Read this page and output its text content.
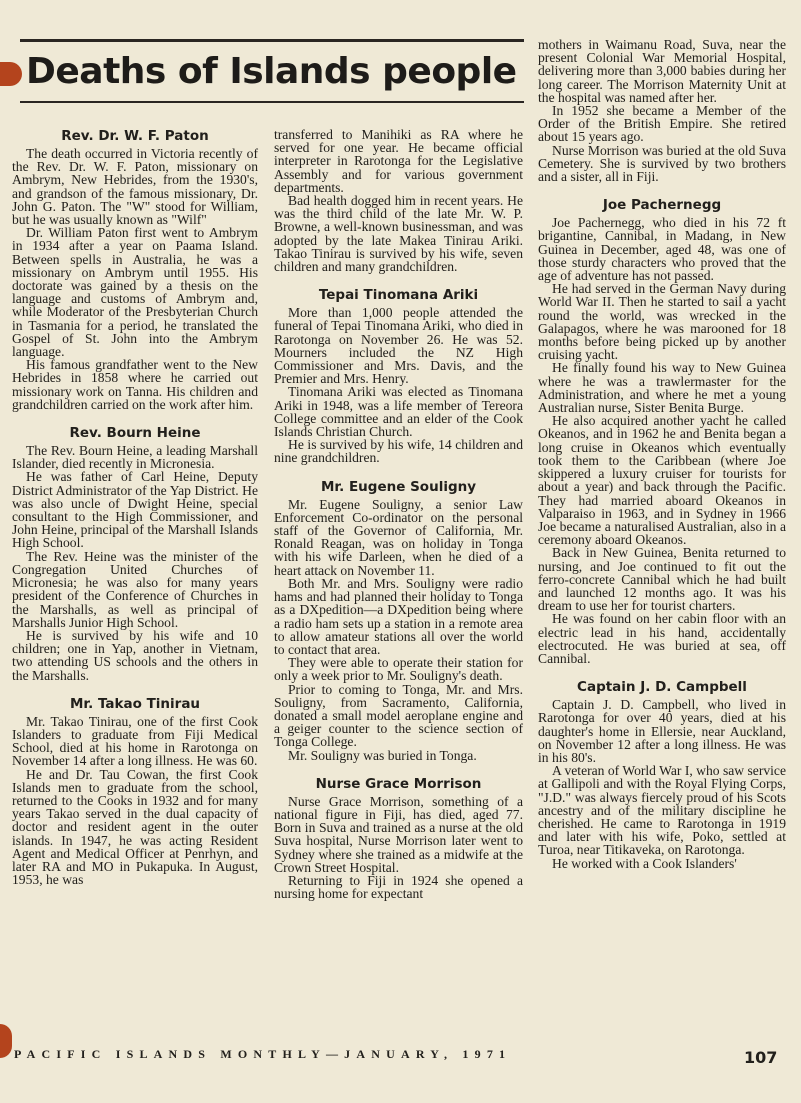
Deaths of Islands people
Rev. Dr. W. F. Paton

The death occurred in Victoria recently of the Rev. Dr. W. F. Paton, missionary on Ambrym, New Hebrides, from the 1930's, and grandson of the famous missionary, Dr. John G. Paton. The "W" stood for William, but he was usually known as "Wilf"

Dr. William Paton first went to Ambrym in 1934 after a year on Paama Island. Between spells in Australia, he was a missionary on Ambrym until 1955. His doctorate was gained by a thesis on the language and customs of Ambrym and, while Moderator of the Presbyterian Church in Tasmania for a period, he translated the Gospel of St. John into the Ambrym language.

His famous grandfather went to the New Hebrides in 1858 where he carried out missionary work on Tanna. His children and grandchildren carried on the work after him.

Rev. Bourn Heine

The Rev. Bourn Heine, a leading Marshall Islander, died recently in Micronesia.

He was father of Carl Heine, Deputy District Administrator of the Yap District. He was also uncle of Dwight Heine, special consultant to the High Commissioner, and John Heine, principal of the Marshall Islands High School.

The Rev. Heine was the minister of the Congregation United Churches of Micronesia; he was also for many years president of the Conference of Churches in the Marshalls, as well as principal of Marshalls Junior High School.

He is survived by his wife and 10 children; one in Yap, another in Vietnam, two attending US schools and the others in the Marshalls.

Mr. Takao Tinirau

Mr. Takao Tinirau, one of the first Cook Islanders to graduate from Fiji Medical School, died at his home in Rarotonga on November 14 after a long illness. He was 60.

He and Dr. Tau Cowan, the first Cook Islands men to graduate from the school, returned to the Cooks in 1932 and for many years Takao served in the dual capacity of doctor and resident agent in the outer islands. In 1947, he was acting Resident Agent and Medical Officer at Penrhyn, and later RA and MO in Pukapuka. In August, 1953, he was

transferred to Manihiki as RA where he served for one year. He became official interpreter in Rarotonga for the Legislative Assembly and for various government departments.

Bad health dogged him in recent years. He was the third child of the late Mr. W. P. Browne, a well-known businessman, and was adopted by the late Makea Tinirau Ariki. Takao Tinirau is survived by his wife, seven children and many grandchildren.

Tepai Tinomana Ariki

More than 1,000 people attended the funeral of Tepai Tinomana Ariki, who died in Rarotonga on November 26. He was 52. Mourners included the NZ High Commissioner and Mrs. Davis, and the Premier and Mrs. Henry.

Tinomana Ariki was elected as Tinomana Ariki in 1948, was a life member of Tereora College committee and an elder of the Cook Islands Christian Church.

He is survived by his wife, 14 children and nine grandchildren.

Mr. Eugene Souligny

Mr. Eugene Souligny, a senior Law Enforcement Co-ordinator on the personal staff of the Governor of California, Mr. Ronald Reagan, was on holiday in Tonga with his wife Darleen, when he died of a heart attack on November 11.

Both Mr. and Mrs. Souligny were radio hams and had planned their holiday to Tonga as a DXpedition—a DXpedition being where a radio ham sets up a station in a remote area to allow amateur stations all over the world to contact that area.

They were able to operate their station for only a week prior to Mr. Souligny's death.

Prior to coming to Tonga, Mr. and Mrs. Souligny, from Sacramento, California, donated a small model aeroplane engine and a geiger counter to the science section of Tonga College.

Mr. Souligny was buried in Tonga.

Nurse Grace Morrison

Nurse Grace Morrison, something of a national figure in Fiji, has died, aged 77. Born in Suva and trained as a nurse at the old Suva hospital, Nurse Morrison later went to Sydney where she trained as a midwife at the Crown Street Hospital.

Returning to Fiji in 1924 she opened a nursing home for expectant

mothers in Waimanu Road, Suva, near the present Colonial War Memorial Hospital, delivering more than 3,000 babies during her long career. The Morrison Maternity Unit at the hospital was named after her.

In 1952 she became a Member of the Order of the British Empire. She retired about 15 years ago.

Nurse Morrison was buried at the old Suva Cemetery. She is survived by two brothers and a sister, all in Fiji.

Joe Pachernegg

Joe Pachernegg, who died in his 72 ft brigantine, Cannibal, in Madang, in New Guinea in December, aged 48, was one of those sturdy characters who proved that the age of adventure has not passed.

He had served in the German Navy during World War II. Then he started to sail a yacht round the world, was wrecked in the Galapagos, where he was marooned for 18 months before being picked up by another cruising yacht.

He finally found his way to New Guinea where he was a trawlermaster for the Administration, and where he met a young Australian nurse, Sister Benita Burge.

He also acquired another yacht he called Okeanos, and in 1962 he and Benita began a long cruise in Okeanos which eventually took them to the Caribbean (where Joe skippered a luxury cruiser for tourists for about a year) and back through the Pacific. They had married aboard Okeanos in Valparaiso in 1963, and in Sydney in 1966 Joe became a naturalised Australian, also in a ceremony aboard Okeanos.

Back in New Guinea, Benita returned to nursing, and Joe continued to fit out the ferro-concrete Cannibal which he had built and launched 12 months ago. It was his dream to use her for tourist charters.

He was found on her cabin floor with an electric lead in his hand, accidentally electrocuted. He was buried at sea, off Cannibal.

Captain J. D. Campbell

Captain J. D. Campbell, who lived in Rarotonga for over 40 years, died at his daughter's home in Ellersie, near Auckland, on November 12 after a long illness. He was in his 80's.

A veteran of World War I, who saw service at Gallipoli and with the Royal Flying Corps, "J.D." was always fiercely proud of his Scots ancestry and of the military discipline he cherished. He came to Rarotonga in 1919 and later with his wife, Poko, settled at Turoa, near Titikaveka, on Rarotonga.

He worked with a Cook Islanders'

PACIFIC ISLANDS MONTHLY—JANUARY, 1971	107
